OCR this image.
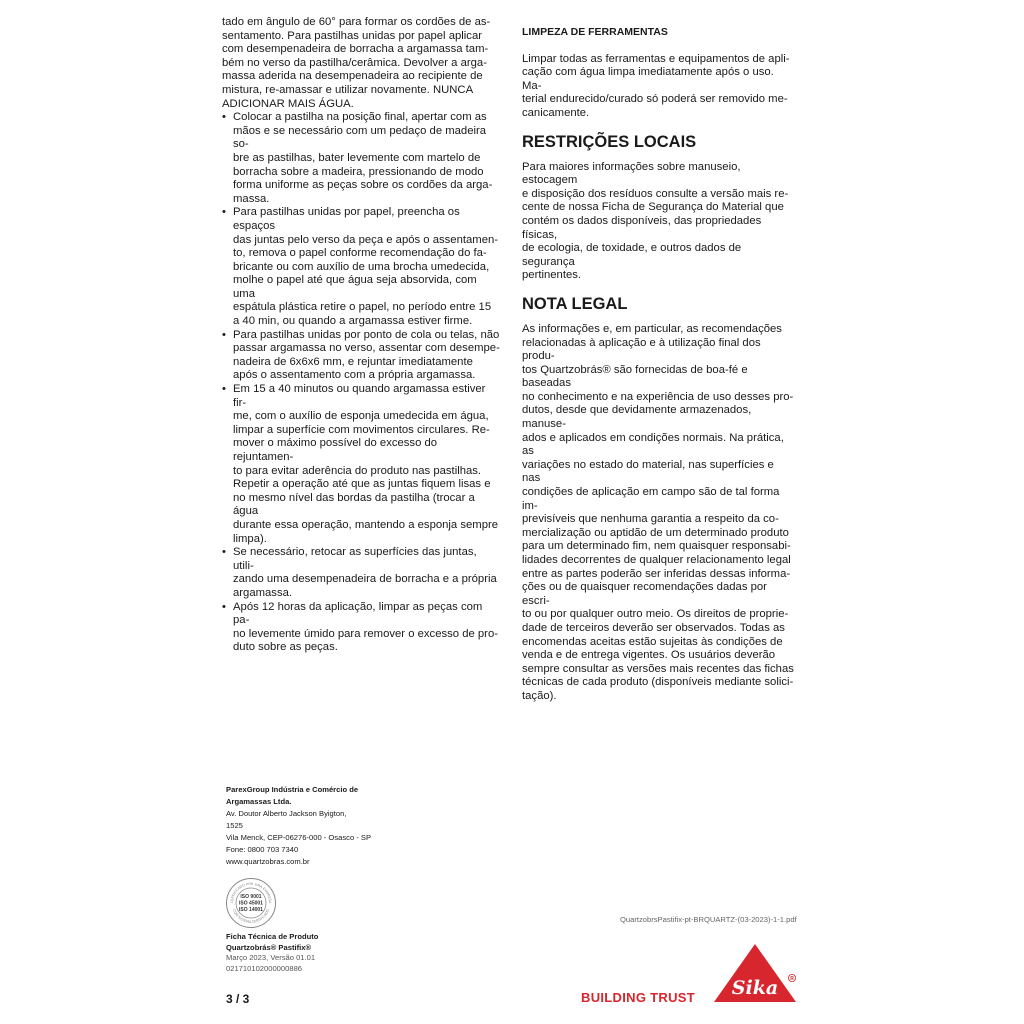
tado em ângulo de 60° para formar os cordões de as-
sentamento. Para pastilhas unidas por papel aplicar
com desempenadeira de borracha a argamassa tam-
bém no verso da pastilha/cerâmica. Devolver a arga-
massa aderida na desempenadeira ao recipiente de
mistura, re-amassar e utilizar novamente. NUNCA
ADICIONAR MAIS ÁGUA.

• Colocar a pastilha na posição final, apertar com as
mãos e se necessário com um pedaço de madeira so-
bre as pastilhas, bater levemente com martelo de
borracha sobre a madeira, pressionando de modo
forma uniforme as peças sobre os cordões da arga-
massa.
• Para pastilhas unidas por papel, preencha os espaços
das juntas pelo verso da peça e após o assentamen-
to, remova o papel conforme recomendação do fa-
bricante ou com auxílio de uma brocha umedecida,
molhe o papel até que água seja absorvida, com uma
espátula plástica retire o papel, no período entre 15
a 40 min, ou quando a argamassa estiver firme.
• Para pastilhas unidas por ponto de cola ou telas, não
passar argamassa no verso, assentar com desempe-
nadeira de 6x6x6 mm, e rejuntar imediatamente
após o assentamento com a própria argamassa.
• Em 15 a 40 minutos ou quando argamassa estiver fir-
me, com o auxílio de esponja umedecida em água,
limpar a superfície com movimentos circulares. Re-
mover o máximo possível do excesso do rejuntamen-
to para evitar aderência do produto nas pastilhas.
Repetir a operação até que as juntas fiquem lisas e
no mesmo nível das bordas da pastilha (trocar a água
durante essa operação, mantendo a esponja sempre
limpa).
• Se necessário, retocar as superfícies das juntas, utili-
zando uma desempenadeira de borracha e a própria
argamassa.
• Após 12 horas da aplicação, limpar as peças com pa-
no levemente úmido para remover o excesso de pro-
duto sobre as peças.
LIMPEZA DE FERRAMENTAS

Limpar todas as ferramentas e equipamentos de apli-
cação com água limpa imediatamente após o uso. Ma-
terial endurecido/curado só poderá ser removido me-
canicamente.

RESTRIÇÕES LOCAIS

Para maiores informações sobre manuseio, estocagem
e disposição dos resíduos consulte a versão mais re-
cente de nossa Ficha de Segurança do Material que
contém os dados disponíveis, das propriedades físicas,
de ecologia, de toxidade, e outros dados de segurança
pertinentes.

NOTA LEGAL

As informações e, em particular, as recomendações
relacionadas à aplicação e à utilização final dos produ-
tos Quartzobrás® são fornecidas de boa-fé e baseadas
no conhecimento e na experiência de uso desses pro-
dutos, desde que devidamente armazenados, manuse-
ados e aplicados em condições normais. Na prática, as
variações no estado do material, nas superfícies e nas
condições de aplicação em campo são de tal forma im-
previsíveis que nenhuma garantia a respeito da co-
mercialização ou aptidão de um determinado produto
para um determinado fim, nem quaisquer responsabi-
lidades decorrentes de qualquer relacionamento legal
entre as partes poderão ser inferidas dessas informa-
ções ou de quaisquer recomendações dadas por escri-
to ou por qualquer outro meio. Os direitos de proprie-
dade de terceiros deverão ser observados. Todas as
encomendas aceitas estão sujeitas às condições de
venda e de entrega vigentes. Os usuários deverão
sempre consultar as versões mais recentes das fichas
técnicas de cada produto (disponíveis mediante solici-
tação).

ParexGroup Indústria e Comércio de
Argamassas Ltda.
Av. Doutor Alberto Jackson Byigton,
1525
Vila Menck, CEP-06276-000 - Osasco - SP
Fone: 0800 703 7340
www.quartzobras.com.br
CERTIFICADO POR UMA EMPRESA
COM SISTEMA CERTIFICADO
ISO 9001
ISO 45001
ISO 14001
Ficha Técnica de Produto
Quartzobrás® Pastifix®
Março 2023, Versão 01.01
021710102000000886
QuartzobrsPastifix-pt-BRQUARTZ-(03-2023)-1-1.pdf
3 / 3	BUILDING TRUST Sika R
